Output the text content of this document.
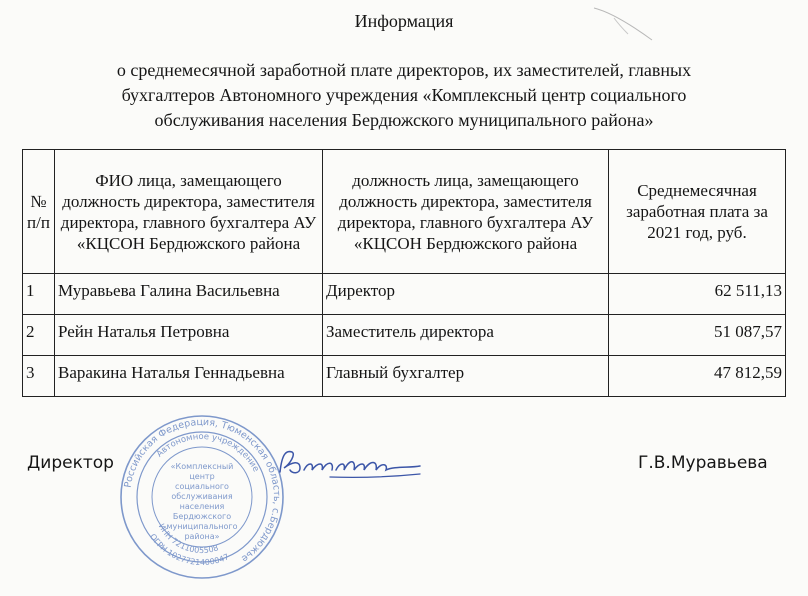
Информация
о среднемесячной заработной плате директоров, их заместителей, главных
бухгалтеров Автономного учреждения «Комплексный центр социального
обслуживания населения Бердюжского муниципального района»
№ п/п	ФИО лица, замещающего должность директора, заместителя директора, главного бухгалтера АУ «КЦСОН Бердюжского района	должность лица, замещающего должность директора, заместителя директора, главного бухгалтера АУ «КЦСОН Бердюжского района	Среднемесячная заработная плата за 2021 год, руб.
1	Муравьева Галина Васильевна	Директор	62 511,13
2	Рейн Наталья Петровна	Заместитель директора	51 087,57
3	Варакина Наталья Геннадьевна	Главный бухгалтер	47 812,59
Директор	Г.В.Муравьева
Российская Федерация, Тюменская область, с.Бердюжье
Автономное учреждение
ОГРН 1027721400047
ИНН 7211005508
«Комплексный
центр
социального
обслуживания
населения
Бердюжского
муниципального
района»
